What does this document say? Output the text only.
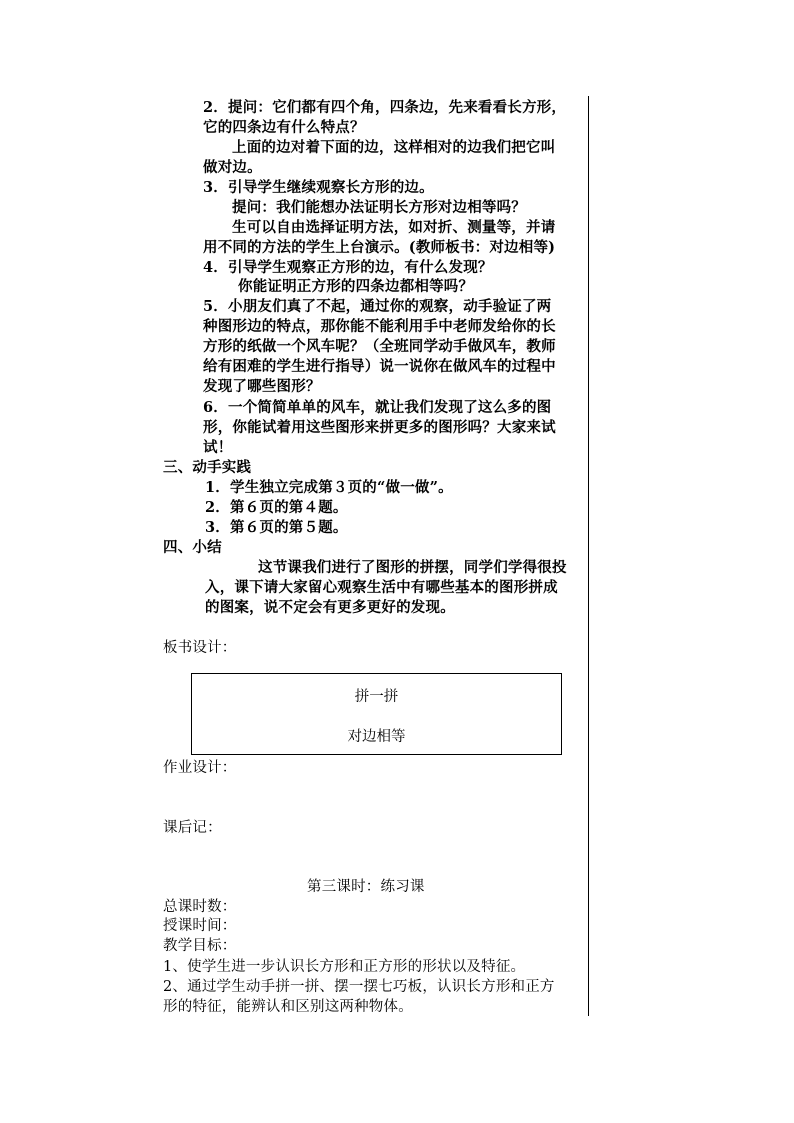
2．提问：它们都有四个角，四条边，先来看看长方形，
它的四条边有什么特点？
上面的边对着下面的边，这样相对的边我们把它叫
做对边。
3．引导学生继续观察长方形的边。
提问：我们能想办法证明长方形对边相等吗？
生可以自由选择证明方法，如对折、测量等，并请
用不同的方法的学生上台演示。(教师板书：对边相等)
4．引导学生观察正方形的边，有什么发现？
你能证明正方形的四条边都相等吗？
5．小朋友们真了不起，通过你的观察，动手验证了两
种图形边的特点，那你能不能利用手中老师发给你的长
方形的纸做一个风车呢？（全班同学动手做风车，教师
给有困难的学生进行指导）说一说你在做风车的过程中
发现了哪些图形？
6．一个简简单单的风车，就让我们发现了这么多的图
形，你能试着用这些图形来拼更多的图形吗？大家来试
试！
三、动手实践
1．学生独立完成第３页的“做一做”。
2．第６页的第４题。
3．第６页的第５题。
四、小结
这节课我们进行了图形的拼摆，同学们学得很投
入，课下请大家留心观察生活中有哪些基本的图形拼成
的图案，说不定会有更多更好的发现。
板书设计：
拼一拼
对边相等
作业设计：
课后记：
第三课时：练习课
总课时数：
授课时间：
教学目标：
1、使学生进一步认识长方形和正方形的形状以及特征。
2、通过学生动手拼一拼、摆一摆七巧板，认识长方形和正方
形的特征，能辨认和区别这两种物体。
